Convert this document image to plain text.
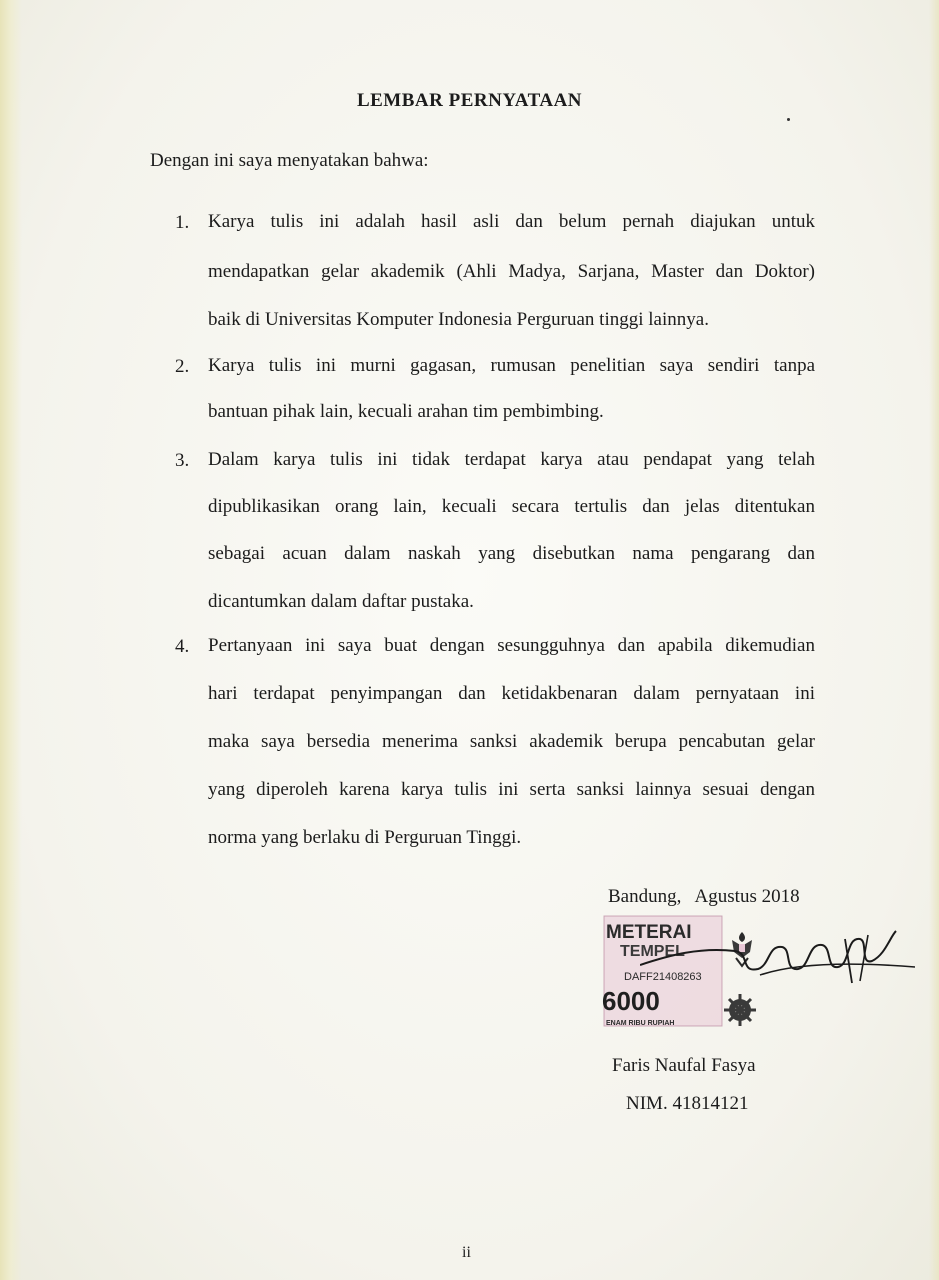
LEMBAR PERNYATAAN
Dengan ini saya menyatakan bahwa:
1. Karya tulis ini adalah hasil asli dan belum pernah diajukan untuk
mendapatkan gelar akademik (Ahli Madya, Sarjana, Master dan Doktor)
baik di Universitas Komputer Indonesia Perguruan tinggi lainnya.
2. Karya tulis ini murni gagasan, rumusan penelitian saya sendiri tanpa
bantuan pihak lain, kecuali arahan tim pembimbing.
3. Dalam karya tulis ini tidak terdapat karya atau pendapat yang telah
dipublikasikan orang lain, kecuali secara tertulis dan jelas ditentukan
sebagai acuan dalam naskah yang disebutkan nama pengarang dan
dicantumkan dalam daftar pustaka.
4. Pertanyaan ini saya buat dengan sesungguhnya dan apabila dikemudian
hari terdapat penyimpangan dan ketidakbenaran dalam pernyataan ini
maka saya bersedia menerima sanksi akademik berupa pencabutan gelar
yang diperoleh karena karya tulis ini serta sanksi lainnya sesuai dengan
norma yang berlaku di Perguruan Tinggi.
Bandung,   Agustus 2018
METERAI
TEMPEL
DAFF21408263
6000
ENAM RIBU RUPIAH
Faris Naufal Fasya
NIM. 41814121
ii
